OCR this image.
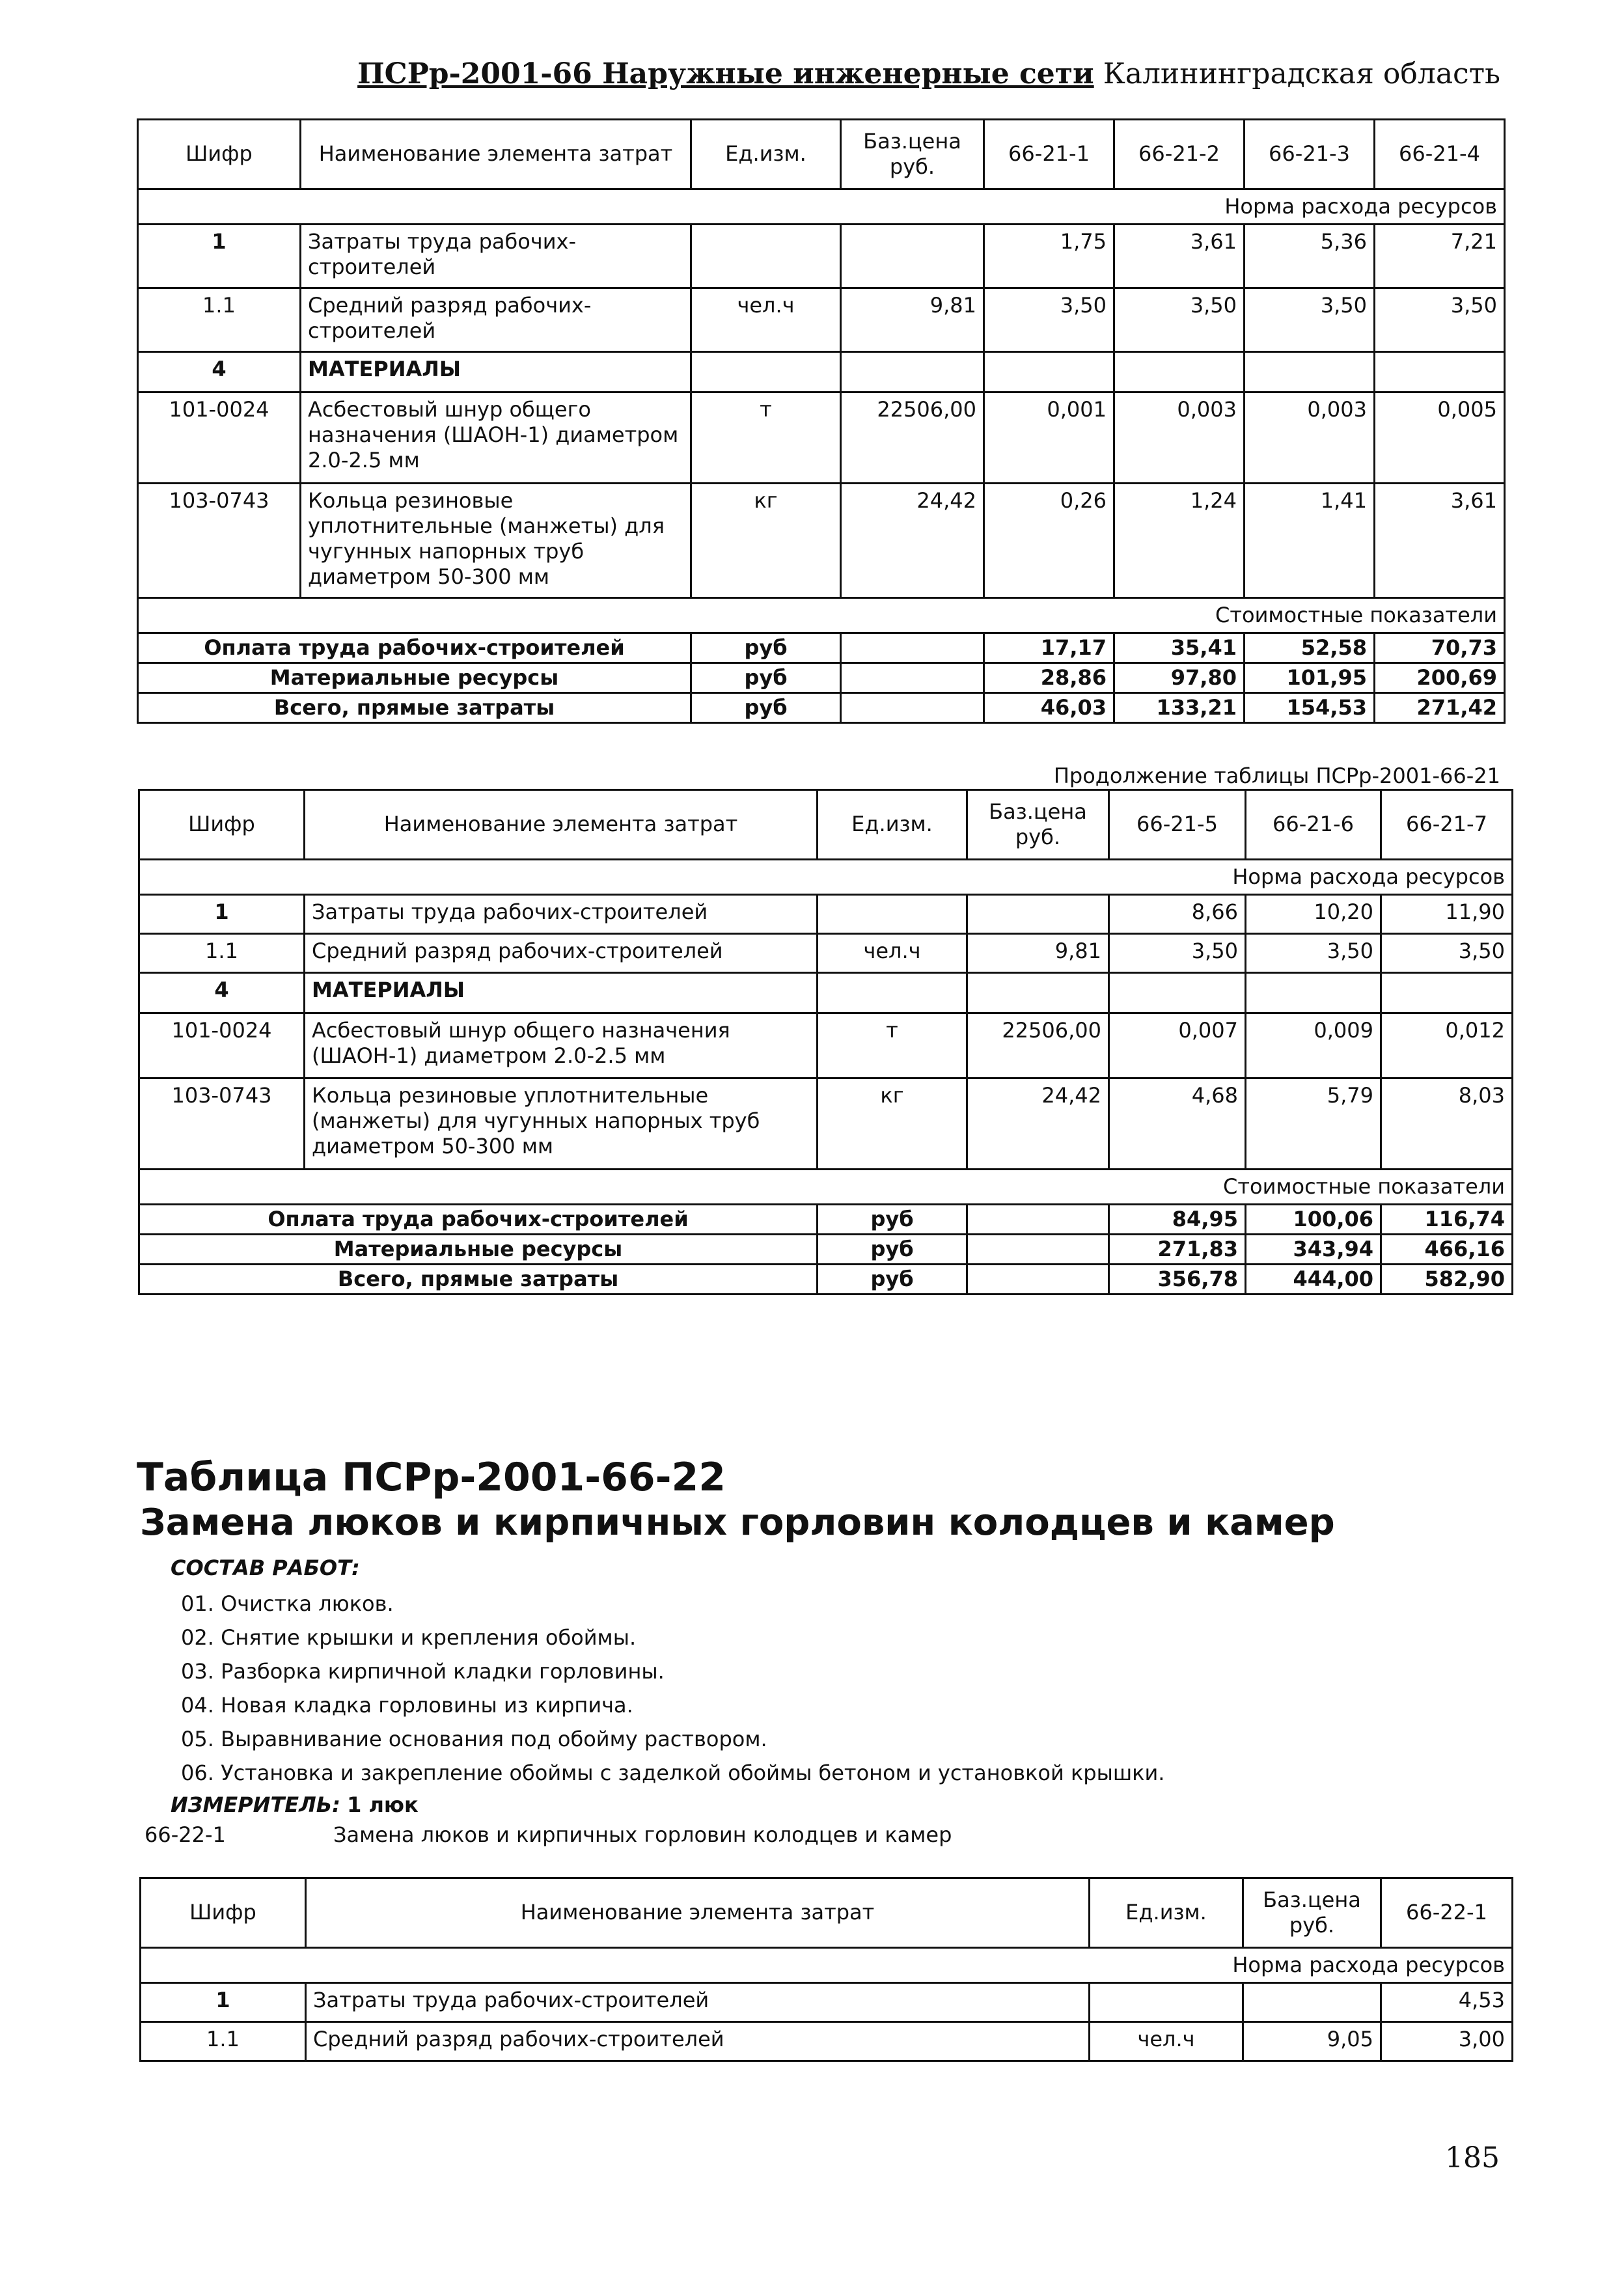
ПСРр-2001-66 Наружные инженерные сети Калининградская область
Шифр	Наименование элемента затрат	Ед.изм.	Баз.цена руб.	66-21-1	66-21-2	66-21-3	66-21-4
Норма расхода ресурсов							
1	Затраты труда рабочих-строителей			1,75	3,61	5,36	7,21
1.1	Средний разряд рабочих-строителей	чел.ч	9,81	3,50	3,50	3,50	3,50
4	МАТЕРИАЛЫ						
101-0024	Асбестовый шнур общего назначения (ШАОН-1) диаметром 2.0-2.5 мм	т	22506,00	0,001	0,003	0,003	0,005
103-0743	Кольца резиновые уплотнительные (манжеты) для чугунных напорных труб диаметром 50-300 мм	кг	24,42	0,26	1,24	1,41	3,61
Стоимостные показатели							
Оплата труда рабочих-строителей		руб		17,17	35,41	52,58	70,73
Материальные ресурсы		руб		28,86	97,80	101,95	200,69
Всего, прямые затраты		руб		46,03	133,21	154,53	271,42
Продолжение таблицы ПСРр-2001-66-21
Шифр	Наименование элемента затрат	Ед.изм.	Баз.цена руб.	66-21-5	66-21-6	66-21-7
Норма расхода ресурсов						
1	Затраты труда рабочих-строителей			8,66	10,20	11,90
1.1	Средний разряд рабочих-строителей	чел.ч	9,81	3,50	3,50	3,50
4	МАТЕРИАЛЫ					
101-0024	Асбестовый шнур общего назначения (ШАОН-1) диаметром 2.0-2.5 мм	т	22506,00	0,007	0,009	0,012
103-0743	Кольца резиновые уплотнительные (манжеты) для чугунных напорных труб диаметром 50-300 мм	кг	24,42	4,68	5,79	8,03
Стоимостные показатели						
Оплата труда рабочих-строителей		руб		84,95	100,06	116,74
Материальные ресурсы		руб		271,83	343,94	466,16
Всего, прямые затраты		руб		356,78	444,00	582,90
Таблица ПСРр-2001-66-22
Замена люков и кирпичных горловин колодцев и камер
СОСТАВ РАБОТ:
01. Очистка люков.
02. Снятие крышки и крепления обоймы.
03. Разборка кирпичной кладки горловины.
04. Новая кладка горловины из кирпича.
05. Выравнивание основания под обойму раствором.
06. Установка и закрепление обоймы с заделкой обоймы бетоном и установкой крышки.
ИЗМЕРИТЕЛЬ: 1 люк
66-22-1	Замена люков и кирпичных горловин колодцев и камер
Шифр	Наименование элемента затрат	Ед.изм.	Баз.цена руб.	66-22-1
Норма расхода ресурсов				
1	Затраты труда рабочих-строителей			4,53
1.1	Средний разряд рабочих-строителей	чел.ч	9,05	3,00
185
